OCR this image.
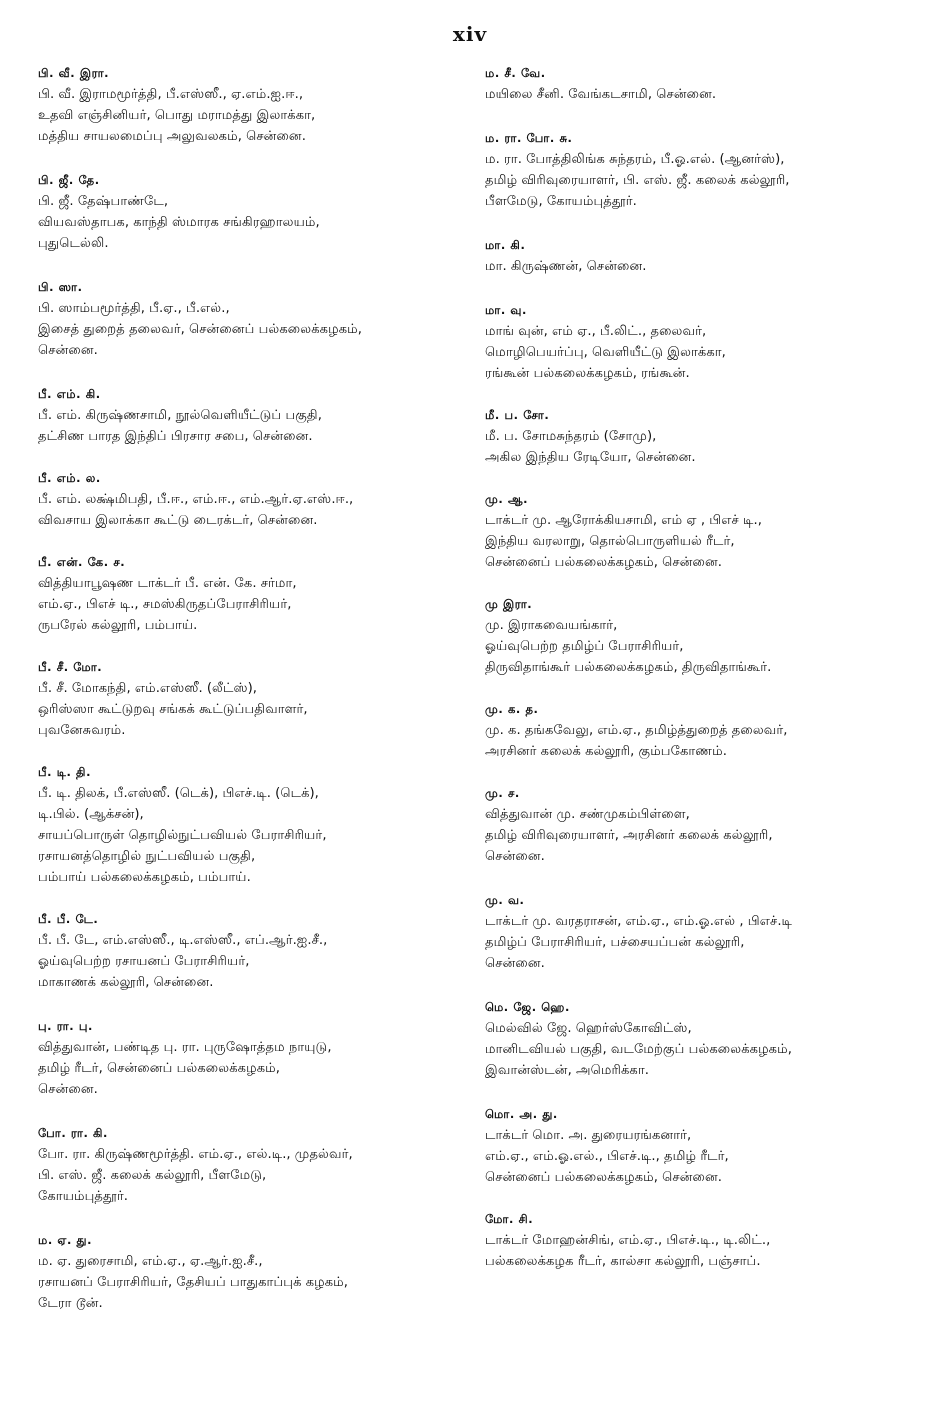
xiv
பி. வீ. இரா.
பி. வீ. இராமமூர்த்தி, பீ.எஸ்ஸீ., ஏ.எம்.ஐ.ஈ.,
உதவி எஞ்சினியர், பொது மராமத்து இலாக்கா,
மத்திய சாயலமைப்பு அலுவலகம், சென்னை.
பி. ஜீ. தே.
பி. ஜீ. தேஷ்பாண்டே,
வியவஸ்தாபக, காந்தி ஸ்மாரக சங்கிரஹாலயம்,
புதுடெல்லி.
பி. ஸா.
பி. ஸாம்பமூர்த்தி, பீ.ஏ., பீ.எல்.,
இசைத் துறைத் தலைவர், சென்னைப் பல்கலைக்கழகம்,
சென்னை.
பீ. எம். கி.
பீ. எம். கிருஷ்ணசாமி, நூல்வெளியீட்டுப் பகுதி,
தட்சிண பாரத இந்திப் பிரசார சபை, சென்னை.
பீ. எம். ல.
பீ. எம். லக்ஷ்மிபதி, பீ.ஈ., எம்.ஈ., எம்.ஆர்.ஏ.எஸ்.ஈ.,
விவசாய இலாக்கா கூட்டு டைரக்டர், சென்னை.
பீ. என். கே. ச.
வித்தியாபூஷண டாக்டர் பீ. என். கே. சர்மா,
எம்.ஏ., பிஎச் டி., சமஸ்கிருதப்பேராசிரியர்,
ருபரேல் கல்லூரி, பம்பாய்.
பீ. சீ. மோ.
பீ. சீ. மோகந்தி, எம்.எஸ்ஸீ. (லீட்ஸ்),
ஒரிஸ்ஸா கூட்டுறவு சங்கக் கூட்டுப்பதிவாளர்,
புவனேசுவரம்.
பீ. டி. தி.
பீ. டி. திலக், பீ.எஸ்ஸீ. (டெக்), பிஎச்.டி. (டெக்),
டி.பில். (ஆக்சன்),
சாயப்பொருள் தொழில்நுட்பவியல் பேராசிரியர்,
ரசாயனத்தொழில் நுட்பவியல் பகுதி,
பம்பாய் பல்கலைக்கழகம், பம்பாய்.
பீ. பீ. டே.
பீ. பீ. டே, எம்.எஸ்ஸீ., டி.எஸ்ஸீ., எப்.ஆர்.ஐ.சீ.,
ஓய்வுபெற்ற ரசாயனப் பேராசிரியர்,
மாகாணக் கல்லூரி, சென்னை.
பு. ரா. பு.
வித்துவான், பண்டித பு. ரா. புருஷோத்தம நாயுடு,
தமிழ் ரீடர், சென்னைப் பல்கலைக்கழகம்,
சென்னை.
போ. ரா. கி.
போ. ரா. கிருஷ்ணமூர்த்தி. எம்.ஏ., எல்.டி., முதல்வர்,
பி. எஸ். ஜீ. கலைக் கல்லூரி, பீளமேடு,
கோயம்புத்தூர்.
ம. ஏ. து.
ம. ஏ. துரைசாமி, எம்.ஏ., ஏ.ஆர்.ஐ.சீ.,
ரசாயனப் பேராசிரியர், தேசியப் பாதுகாப்புக் கழகம்,
டேரா டூன்.
ம. சீ. வே.
மயிலை சீனி. வேங்கடசாமி, சென்னை.
ம. ரா. போ. சு.
ம. ரா. போத்திலிங்க சுந்தரம், பீ.ஓ.எல். (ஆனர்ஸ்),
தமிழ் விரிவுரையாளர், பி. எஸ். ஜீ. கலைக் கல்லூரி,
பீளமேடு, கோயம்புத்தூர்.
மா. கி.
மா. கிருஷ்ணன், சென்னை.
மா. வு.
மாங் வுன், எம் ஏ., பீ.லிட்., தலைவர்,
மொழிபெயர்ப்பு, வெளியீட்டு இலாக்கா,
ரங்கூன் பல்கலைக்கழகம், ரங்கூன்.
மீ. ப. சோ.
மீ. ப. சோமசுந்தரம் (சோமு),
அகில இந்திய ரேடியோ, சென்னை.
மு. ஆ.
டாக்டர் மு. ஆரோக்கியசாமி, எம் ஏ , பிஎச் டி.,
இந்திய வரலாறு, தொல்பொருளியல் ரீடர்,
சென்னைப் பல்கலைக்கழகம், சென்னை.
மு இரா.
மு. இராகவையங்கார்,
ஓய்வுபெற்ற தமிழ்ப் பேராசிரியர்,
திருவிதாங்கூர் பல்கலைக்கழகம், திருவிதாங்கூர்.
மு. க. த.
மு. க. தங்கவேலு, எம்.ஏ., தமிழ்த்துறைத் தலைவர்,
அரசினர் கலைக் கல்லூரி, கும்பகோணம்.
மு. ச.
வித்துவான் மு. சண்முகம்பிள்ளை,
தமிழ் விரிவுரையாளர், அரசினர் கலைக் கல்லூரி,
சென்னை.
மு. வ.
டாக்டர் மு. வரதராசன், எம்.ஏ., எம்.ஓ.எல் , பிஎச்.டி
தமிழ்ப் பேராசிரியர், பச்சையப்பன் கல்லூரி,
சென்னை.
மெ. ஜே. ஹெ.
மெல்வில் ஜே. ஹெர்ஸ்கோவிட்ஸ்,
மானிடவியல் பகுதி, வடமேற்குப் பல்கலைக்கழகம்,
இவான்ஸ்டன், அமெரிக்கா.
மொ. அ. து.
டாக்டர் மொ. அ. துரையரங்கனார்,
எம்.ஏ., எம்.ஓ.எல்., பிஎச்.டி., தமிழ் ரீடர்,
சென்னைப் பல்கலைக்கழகம், சென்னை.
மோ. சி.
டாக்டர் மோஹன்சிங், எம்.ஏ., பிஎச்.டி., டி.லிட்.,
பல்கலைக்கழக ரீடர், கால்சா கல்லூரி, பஞ்சாப்.
